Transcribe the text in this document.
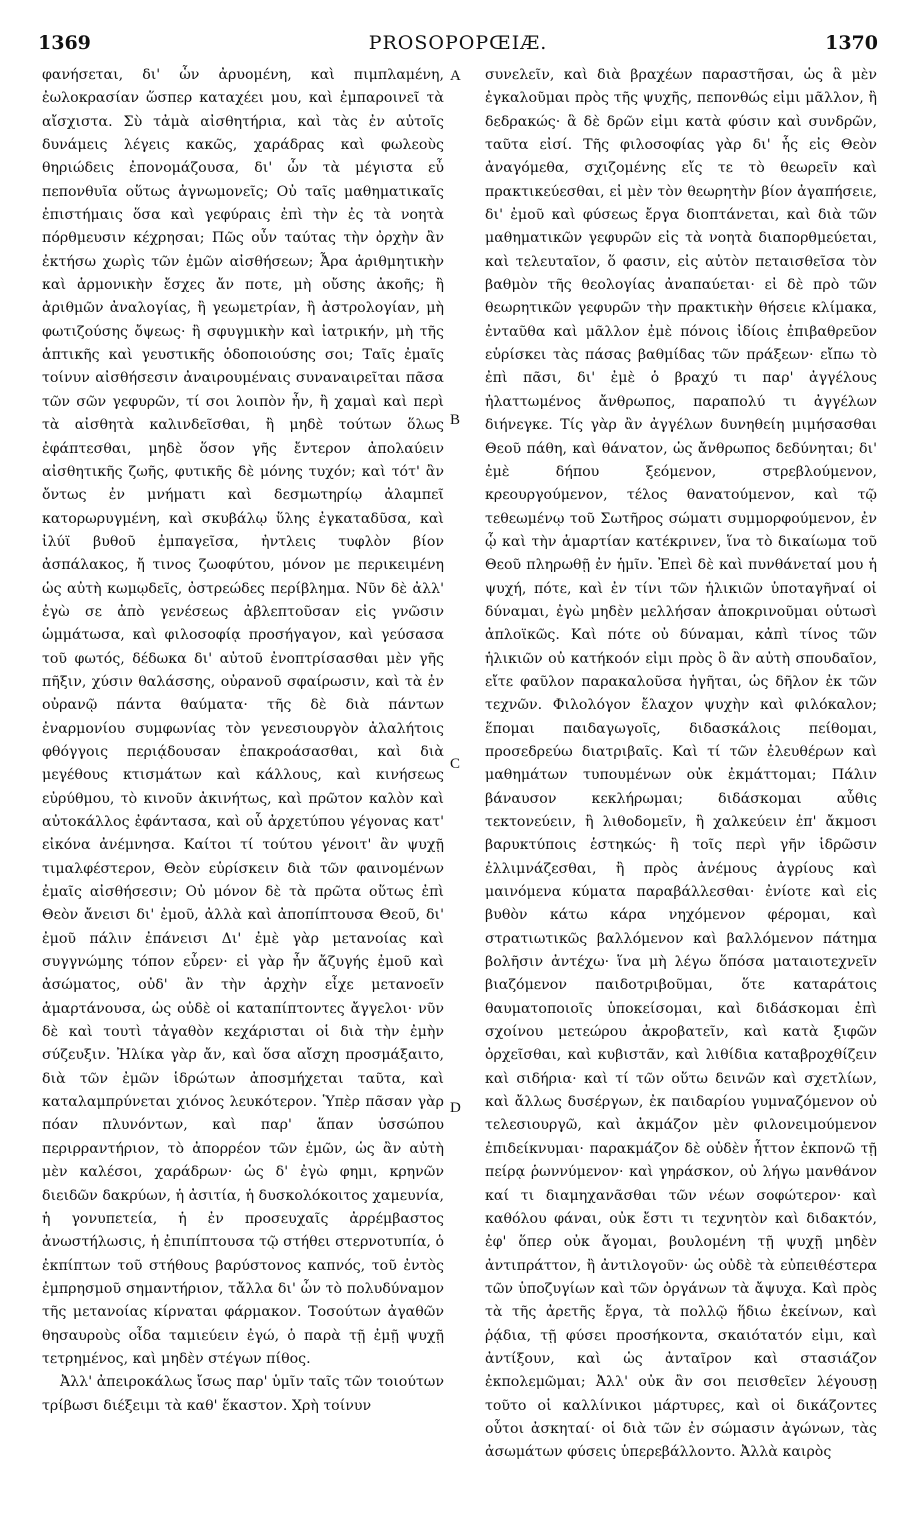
1369	PROSOPOPŒIÆ.	1370

φανήσεται, δι' ὧν ἀρυομένη, καὶ πιμπλαμένη, ἐωλοκρασίαν ὥσπερ καταχέει μου, καὶ ἐμπαροινεῖ τὰ αἴσχιστα. Σὺ τἀμὰ αἰσθητήρια, καὶ τὰς ἐν αὐτοῖς δυνάμεις λέγεις κακῶς, χαράδρας καὶ φωλεοὺς θηριώδεις ἐπονομάζουσα, δι' ὧν τὰ μέγιστα εὖ πεπονθυῖα οὕτως ἀγνωμονεῖς; Οὐ ταῖς μαθηματικαῖς ἐπιστήμαις ὅσα καὶ γεφύραις ἐπὶ τὴν ἐς τὰ νοητὰ πόρθμευσιν κέχρησαι; Πῶς οὖν ταύτας τὴν ὀρχὴν ἂν ἐκτήσω χωρὶς τῶν ἐμῶν αἰσθήσεων; Ἆρα ἀριθμητικὴν καὶ ἁρμονικὴν ἔσχες ἄν ποτε, μὴ οὔσης ἀκοῆς; ἢ ἀριθμῶν ἀναλογίας, ἢ γεωμετρίαν, ἢ ἀστρολογίαν, μὴ φωτιζούσης ὄψεως· ἢ σφυγμικὴν καὶ ἰατρικήν, μὴ τῆς ἁπτικῆς καὶ γευστικῆς ὁδοποιούσης σοι; Ταῖς ἐμαῖς τοίνυν αἰσθήσεσιν ἀναιρουμέναις συναναιρεῖται πᾶσα τῶν σῶν γεφυρῶν, τί σοι λοιπὸν ἦν, ἢ χαμαὶ καὶ περὶ τὰ αἰσθητὰ καλινδεῖσθαι, ἢ μηδὲ τούτων ὅλως ἐφάπτεσθαι, μηδὲ ὅσον γῆς ἔντερον ἀπολαύειν αἰσθητικῆς ζωῆς, φυτικῆς δὲ μόνης τυχόν; καὶ τότ' ἂν ὄντως ἐν μνήματι καὶ δεσμωτηρίῳ ἀλαμπεῖ κατορωρυγμένη, καὶ σκυβάλῳ ὕλης ἐγκαταδῦσα, καὶ ἰλύϊ βυθοῦ ἐμπαγεῖσα, ἠντλεις τυφλὸν βίον ἀσπάλακος, ἤ τινος ζωοφύτου, μόνον με περικειμένη ὡς αὐτὴ κωμῳδεῖς, ὀστρεώδες περίβλημα. Νῦν δὲ ἀλλ' ἐγὼ σε ἀπὸ γενέσεως ἀβλεπτοῦσαν εἰς γνῶσιν ὡμμάτωσα, καὶ φιλοσοφίᾳ προσήγαγον, καὶ γεύσασα τοῦ φωτός, δέδωκα δι' αὐτοῦ ἐνοπτρίσασθαι μὲν γῆς πῆξιν, χύσιν θαλάσσης, οὐρανοῦ σφαίρωσιν, καὶ τὰ ἐν οὐρανῷ πάντα θαύματα· τῆς δὲ διὰ πάντων ἐναρμονίου συμφωνίας τὸν γενεσιουργὸν ἀλαλήτοις φθόγγοις περιᾴδουσαν ἐπακροάσασθαι, καὶ διὰ μεγέθους κτισμάτων καὶ κάλλους, καὶ κινήσεως εὐρύθμου, τὸ κινοῦν ἀκινήτως, καὶ πρῶτον καλὸν καὶ αὐτοκάλλος ἐφάντασα, καὶ οὗ ἀρχετύπου γέγονας κατ' εἰκόνα ἀνέμνησα. Καίτοι τί τούτου γένοιτ' ἂν ψυχῇ τιμαλφέστερον, Θεὸν εὑρίσκειν διὰ τῶν φαινομένων ἐμαῖς αἰσθήσεσιν; Οὐ μόνον δὲ τὰ πρῶτα οὕτως ἐπὶ Θεὸν ἄνεισι δι' ἐμοῦ, ἀλλὰ καὶ ἀποπίπτουσα Θεοῦ, δι' ἐμοῦ πάλιν ἐπάνεισι Δι' ἐμὲ γὰρ μετανοίας καὶ συγγνώμης τόπον εὗρεν· εἰ γὰρ ἦν ἄζυγής ἐμοῦ καὶ ἀσώματος, οὐδ' ἂν τὴν ἀρχὴν εἶχε μετανοεῖν ἁμαρτάνουσα, ὡς οὐδὲ οἱ καταπίπτοντες ἄγγελοι· νῦν δὲ καὶ τουτὶ τἀγαθὸν κεχάρισται οἱ διὰ τὴν ἐμὴν σύζευξιν. Ἠλίκα γὰρ ἄν, καὶ ὅσα αἴσχη προσμάξαιτο, διὰ τῶν ἐμῶν ἱδρώτων ἀποσμήχεται ταῦτα, καὶ καταλαμπρύνεται χιόνος λευκότερον. Ὑπὲρ πᾶσαν γὰρ πόαν πλυνόντων, καὶ παρ' ἅπαν ὑσσώπου περιρραντήριον, τὸ ἀπορρέον τῶν ἐμῶν, ὡς ἂν αὐτὴ μὲν καλέσοι, χαράδρων· ὡς δ' ἐγὼ φημι, κρηνῶν διειδῶν δακρύων, ἡ ἀσιτία, ἡ δυσκολόκοιτος χαμευνία, ἡ γονυπετεία, ἡ ἐν προσευχαῖς ἀρρέμβαστος ἀνωστήλωσις, ἡ ἐπιπίπτουσα τῷ στήθει στερνοτυπία, ὁ ἐκπίπτων τοῦ στήθους βαρύστονος καπνός, τοῦ ἐντὸς ἐμπρησμοῦ σημαντήριον, τἄλλα δι' ὧν τὸ πολυδύναμον τῆς μετανοίας κίρναται φάρμακον. Τοσούτων ἀγαθῶν θησαυροὺς οἶδα ταμιεύειν ἐγώ, ὁ παρὰ τῇ ἐμῇ ψυχῇ τετρημένος, καὶ μηδὲν στέγων πίθος.

Ἀλλ' ἀπειροκάλως ἴσως παρ' ὑμῖν ταῖς τῶν τοιούτων τρίβωσι διέξειμι τὰ καθ' ἕκαστον. Χρὴ τοίνυν

A
B
C
D

συνελεῖν, καὶ διὰ βραχέων παραστῆσαι, ὡς ἃ μὲν ἐγκαλοῦμαι πρὸς τῆς ψυχῆς, πεπονθώς εἰμι μᾶλλον, ἢ δεδρακώς· ἃ δὲ δρῶν εἰμι κατὰ φύσιν καὶ συνδρῶν, ταῦτα εἰσί. Τῆς φιλοσοφίας γὰρ δι' ἧς εἰς Θεὸν ἀναγόμεθα, σχιζομένης εἴς τε τὸ θεωρεῖν καὶ πρακτικεύεσθαι, εἰ μὲν τὸν θεωρητὴν βίον ἀγαπήσειε, δι' ἐμοῦ καὶ φύσεως ἔργα διοπτάνεται, καὶ διὰ τῶν μαθηματικῶν γεφυρῶν εἰς τὰ νοητὰ διαπορθμεύεται, καὶ τελευταῖον, ὅ φασιν, εἰς αὐτὸν πεταισθεῖσα τὸν βαθμὸν τῆς θεολογίας ἀναπαύεται· εἰ δὲ πρὸ τῶν θεωρητικῶν γεφυρῶν τὴν πρακτικὴν θήσειε κλίμακα, ἐνταῦθα καὶ μᾶλλον ἐμὲ πόνοις ἰδίοις ἐπιβαθρεῦον εὑρίσκει τὰς πάσας βαθμίδας τῶν πράξεων· εἴπω τὸ ἐπὶ πᾶσι, δι' ἐμὲ ὁ βραχύ τι παρ' ἀγγέλους ἠλαττωμένος ἄνθρωπος, παραπολύ τι ἀγγέλων διήνεγκε. Τίς γὰρ ἂν ἀγγέλων δυνηθείη μιμήσασθαι Θεοῦ πάθη, καὶ θάνατον, ὡς ἄνθρωπος δεδύνηται; δι' ἐμὲ δήπου ξεόμενον, στρεβλούμενον, κρεουργούμενον, τέλος θανατούμενον, καὶ τῷ τεθεωμένῳ τοῦ Σωτῆρος σώματι συμμορφούμενον, ἐν ᾧ καὶ τὴν ἁμαρτίαν κατέκρινεν, ἵνα τὸ δικαίωμα τοῦ Θεοῦ πληρωθῇ ἐν ἡμῖν. Ἐπεὶ δὲ καὶ πυνθάνεταί μου ἡ ψυχή, πότε, καὶ ἐν τίνι τῶν ἡλικιῶν ὑποταγῆναί οἱ δύναμαι, ἐγὼ μηδὲν μελλήσαν ἀποκρινοῦμαι οὑτωσὶ ἀπλοϊκῶς. Καὶ πότε οὐ δύναμαι, κἀπὶ τίνος τῶν ἡλικιῶν οὐ κατήκοόν εἰμι πρὸς ὃ ἂν αὐτὴ σπουδαῖον, εἴτε φαῦλον παρακαλοῦσα ἡγῆται, ὡς δῆλον ἐκ τῶν τεχνῶν. Φιλολόγον ἔλαχον ψυχὴν καὶ φιλόκαλον; ἕπομαι παιδαγωγοῖς, διδασκάλοις πείθομαι, προσεδρεύω διατριβαῖς. Καὶ τί τῶν ἐλευθέρων καὶ μαθημάτων τυπουμένων οὐκ ἐκμάττομαι; Πάλιν βάναυσον κεκλήρωμαι; διδάσκομαι αὖθις τεκτονεύειν, ἢ λιθοδομεῖν, ἢ χαλκεύειν ἐπ' ἄκμοσι βαρυκτύποις ἑστηκώς· ἢ τοῖς περὶ γῆν ἱδρῶσιν ἐλλιμνάζεσθαι, ἢ πρὸς ἀνέμους ἀγρίους καὶ μαινόμενα κύματα παραβάλλεσθαι· ἐνίοτε καὶ εἰς βυθὸν κάτω κάρα νηχόμενον φέρομαι, καὶ στρατιωτικῶς βαλλόμενον καὶ βαλλόμενον πάτημα βολῆσιν ἀντέχω· ἵνα μὴ λέγω ὅπόσα ματαιοτεχνεῖν βιαζόμενον παιδοτριβοῦμαι, ὅτε καταράτοις θαυματοποιοῖς ὑποκείσομαι, καὶ διδάσκομαι ἐπὶ σχοίνου μετεώρου ἀκροβατεῖν, καὶ κατὰ ξιφῶν ὀρχεῖσθαι, καὶ κυβιστᾶν, καὶ λιθίδια καταβροχθίζειν καὶ σιδήρια· καὶ τί τῶν οὕτω δεινῶν καὶ σχετλίων, καὶ ἄλλως δυσέργων, ἐκ παιδαρίου γυμναζόμενον οὐ τελεσιουργῶ, καὶ ἀκμάζον μὲν φιλονειμούμενον ἐπιδείκνυμαι· παρακμάζον δὲ οὐδὲν ἧττον ἐκπονῶ τῇ πείρᾳ ῥωννύμενον· καὶ γηράσκον, οὐ λήγω μανθάνον καί τι διαμηχανᾶσθαι τῶν νέων σοφώτερον· καὶ καθόλου φάναι, οὐκ ἔστι τι τεχνητὸν καὶ διδακτόν, ἐφ' ὅπερ οὐκ ἄγομαι, βουλομένη τῇ ψυχῇ μηδὲν ἀντιπράττον, ἢ ἀντιλογοῦν· ὡς οὐδὲ τὰ εὐπειθέστερα τῶν ὑποζυγίων καὶ τῶν ὀργάνων τὰ ἄψυχα. Καὶ πρὸς τὰ τῆς ἀρετῆς ἔργα, τὰ πολλῷ ἥδιω ἐκείνων, καὶ ῥᾴδια, τῇ φύσει προσήκοντα, σκαιότατόν εἰμι, καὶ ἀντίξουν, καὶ ὡς ἀνταῖρον καὶ στασιάζον ἐκπολεμῶμαι; Ἀλλ' οὐκ ἂν σοι πεισθεῖεν λέγουσῃ τοῦτο οἱ καλλίνικοι μάρτυρες, καὶ οἱ δικάζοντες οὗτοι ἀσκηταί· οἱ διὰ τῶν ἐν σώμασιν ἀγώνων, τὰς ἀσωμάτων φύσεις ὑπερεβάλλοντο. Ἀλλὰ καιρὸς
